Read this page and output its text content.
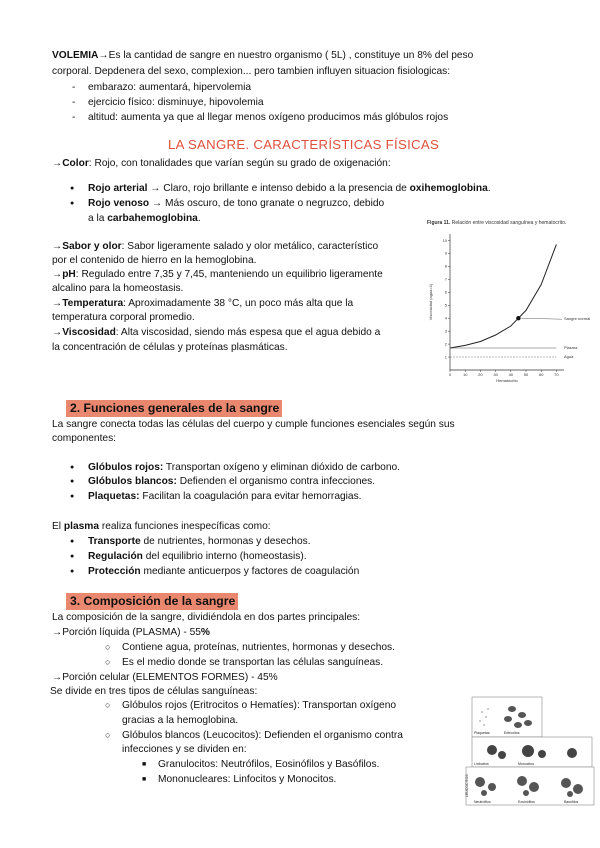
VOLEMIA→Es la cantidad de sangre en nuestro organismo ( 5L) , constituye un 8% del peso
corporal. Depdenera del sexo, complexion... pero tambien influyen situacion fisiologicas:
- embarazo: aumentará, hipervolemia
- ejercicio físico: disminuye, hipovolemia
- altitud: aumenta ya que al llegar menos oxígeno producimos más glóbulos rojos
LA SANGRE. CARACTERÍSTICAS FÍSICAS
→Color: Rojo, con tonalidades que varían según su grado de oxigenación:
● Rojo arterial → Claro, rojo brillante e intenso debido a la presencia de oxihemoglobina.
● Rojo venoso → Más oscuro, de tono granate o negruzco, debido
a la carbahemoglobina.
→Sabor y olor: Sabor ligeramente salado y olor metálico, característico
por el contenido de hierro en la hemoglobina.
→pH: Regulado entre 7,35 y 7,45, manteniendo un equilibrio ligeramente
alcalino para la homeostasis.
→Temperatura: Aproximadamente 38 °C, un poco más alta que la
temperatura corporal promedio.
→Viscosidad: Alta viscosidad, siendo más espesa que el agua debido a
la concentración de células y proteínas plasmáticas.
Figura 11. Relación entre viscosidad sanguínea y hematocrito.
0	10	20	30	40	50	60	70
1
2
3
4
5
6
7
8
9
10
Viscosidad (agua=1)
Hematocrito
Sangre normal
Plasma
Agua
2. Funciones generales de la sangre
La sangre conecta todas las células del cuerpo y cumple funciones esenciales según sus
componentes:
● Glóbulos rojos: Transportan oxígeno y eliminan dióxido de carbono.
● Glóbulos blancos: Defienden el organismo contra infecciones.
● Plaquetas: Facilitan la coagulación para evitar hemorragias.
El plasma realiza funciones inespecíficas como:
● Transporte de nutrientes, hormonas y desechos.
● Regulación del equilibrio interno (homeostasis).
● Protección mediante anticuerpos y factores de coagulación
3. Composición de la sangre
La composición de la sangre, dividiéndola en dos partes principales:
→Porción líquida (PLASMA) - 55%
○ Contiene agua, proteínas, nutrientes, hormonas y desechos.
○ Es el medio donde se transportan las células sanguíneas.
→Porción celular (ELEMENTOS FORMES) - 45%
Se divide en tres tipos de células sanguíneas:
○ Glóbulos rojos (Eritrocitos o Hematíes): Transportan oxígeno
gracias a la hemoglobina.
○ Glóbulos blancos (Leucocitos): Defienden el organismo contra
infecciones y se dividen en:
■ Granulocitos: Neutrófilos, Eosinófilos y Basófilos.
■ Mononucleares: Linfocitos y Monocitos.
Plaquetas	Eritrocitos
Linfocitos	Monocitos
Neutrófilos	Eosinófilos	Basófilos
LEUCOCITOS
